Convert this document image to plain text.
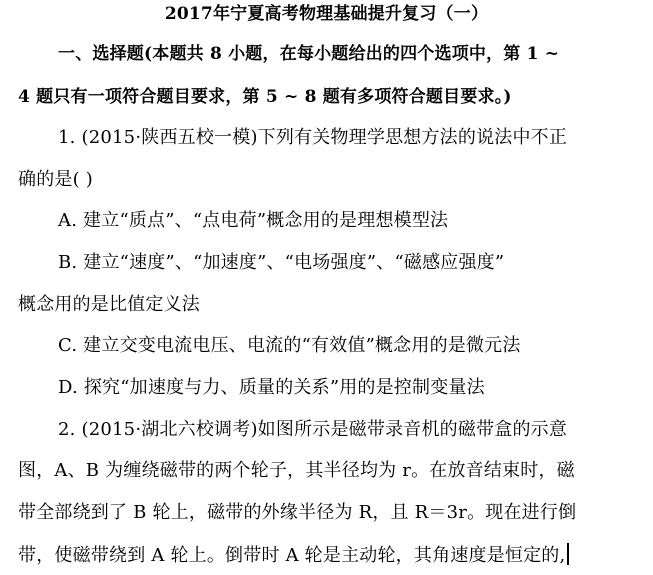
2017年宁夏高考物理基础提升复习（一）
一、选择题(本题共 8 小题，在每小题给出的四个选项中，第 1 ~
4 题只有一项符合题目要求，第 5 ~ 8 题有多项符合题目要求。)
1. (2015·陕西五校一模)下列有关物理学思想方法的说法中不正
确的是( )
A. 建立“质点”、“点电荷”概念用的是理想模型法
B. 建立“速度”、“加速度”、“电场强度”、“磁感应强度”
概念用的是比值定义法
C. 建立交变电流电压、电流的“有效值”概念用的是微元法
D. 探究“加速度与力、质量的关系”用的是控制变量法
2. (2015·湖北六校调考)如图所示是磁带录音机的磁带盒的示意
图，A、B 为缠绕磁带的两个轮子，其半径均为 r。在放音结束时，磁
带全部绕到了 B 轮上，磁带的外缘半径为 R，且 R＝3r。现在进行倒
带，使磁带绕到 A 轮上。倒带时 A 轮是主动轮，其角速度是恒定的,
